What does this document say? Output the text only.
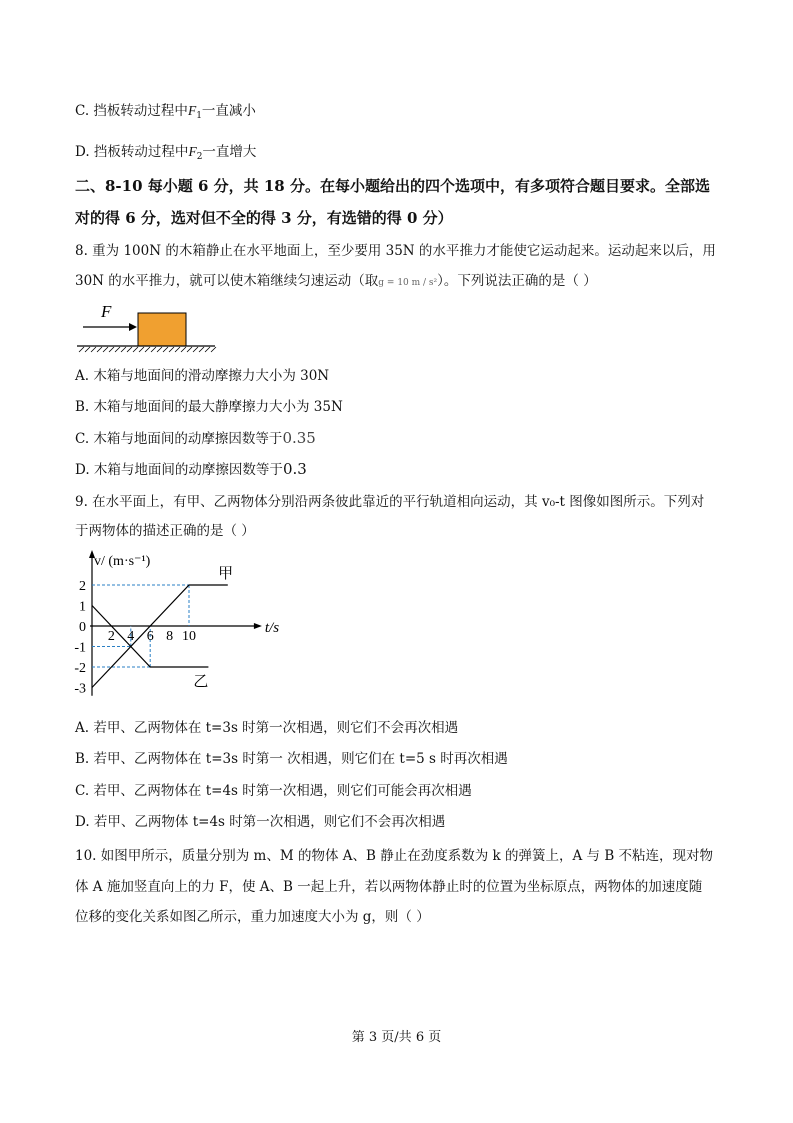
C. 挡板转动过程中$F_1$一直减小
D. 挡板转动过程中$F_2$一直增大
二、8-10 每小题 6 分，共 18 分。在每小题给出的四个选项中，有多项符合题目要求。全部选
对的得 6 分，选对但不全的得 3 分，有选错的得 0 分）
8. 重为 100N 的木箱静止在水平地面上，至少要用 35N 的水平推力才能使它运动起来。运动起来以后，用
30N 的水平推力，就可以使木箱继续匀速运动（取g = 10 m / s²）。下列说法正确的是（ ）
F
A. 木箱与地面间的滑动摩擦力大小为 30N
B. 木箱与地面间的最大静摩擦力大小为 35N
C. 木箱与地面间的动摩擦因数等于0.35
D. 木箱与地面间的动摩擦因数等于0.3
9. 在水平面上，有甲、乙两物体分别沿两条彼此靠近的平行轨道相向运动，其 v₀-t 图像如图所示。下列对
于两物体的描述正确的是（ ）
甲
乙
2
1
0
-1
-2
-3
2 4 6 8 10
v/ (m·s⁻¹)
t/s
A. 若甲、乙两物体在 t=3s 时第一次相遇，则它们不会再次相遇
B. 若甲、乙两物体在 t=3s 时第一 次相遇，则它们在 t=5 s 时再次相遇
C. 若甲、乙两物体在 t=4s 时第一次相遇，则它们可能会再次相遇
D. 若甲、乙两物体 t=4s 时第一次相遇，则它们不会再次相遇
10. 如图甲所示，质量分别为 m、M 的物体 A、B 静止在劲度系数为 k 的弹簧上，A 与 B 不粘连，现对物
体 A 施加竖直向上的力 F，使 A、B 一起上升，若以两物体静止时的位置为坐标原点，两物体的加速度随
位移的变化关系如图乙所示，重力加速度大小为 g，则（ ）
第 3 页/共 6 页
